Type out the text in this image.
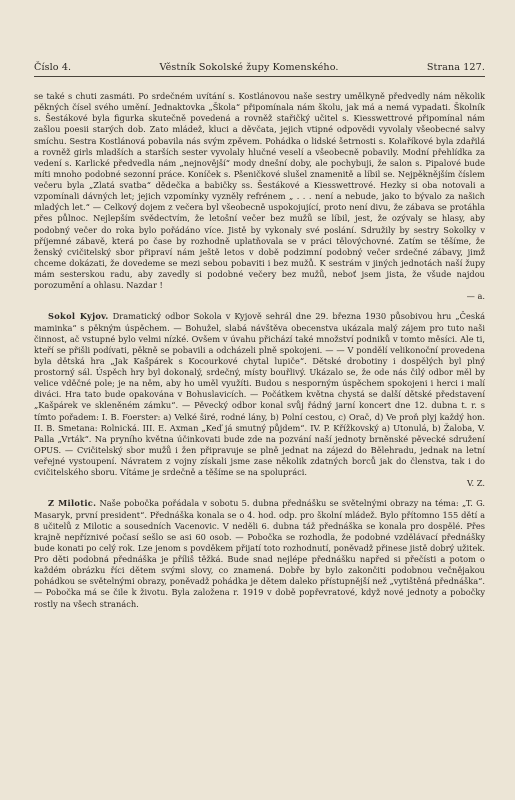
Číslo 4.	Věstník Sokolské župy Komenského.	Strana 127.

se také s chuti zasmáti. Po srdečném uvítání s. Kostlánovou naše sestry umělkyně předvedly nám několik pěkných čísel svého umění. Jednaktovka „Škola“ připomínala nám školu, jak má a nemá vypadati. Školník s. Šestákové byla figurka skutečně povedená a rovněž stařičký učitel s. Kiesswettrové připomínal nám zašlou poesii starých dob. Zato mládež, kluci a děvčata, jejich vtipné odpovědi vyvolaly všeobecné salvy smíchu. Sestra Kostlánová pobavila nás svým zpěvem. Pohádka o lidské šetrnosti s. Kolaříkové byla zdařilá a rovněž girls mladších a starších sester vyvolaly hlučné veselí a všeobecně pobavily. Modní přehlídka za vedení s. Karlické předvedla nám „nejnovější“ mody dnešní doby, ale pochybuji, že salon s. Pipalové bude míti mnoho podobné sezonní práce. Koníček s. Pšeničkové slušel znamenitě a líbil se. Nejpěknějším číslem večeru byla „Zlatá svatba“ dědečka a babičky ss. Šestákové a Kiesswettrové. Hezky si oba notovali a vzpomínali dávných let; jejich vzpomínky vyzněly refrénem „ . . . není a nebude, jako to bývalo za našich mladých let.“ — Celkový dojem z večera byl všeobecně uspokojující, proto není divu, že zábava se protáhla přes půlnoc. Nejlepším svědectvím, že letošní večer bez mužů se líbil, jest, že ozývaly se hlasy, aby podobný večer do roka bylo pořádáno více. Jistě by vykonaly své poslání. Sdružily by sestry Sokolky v příjemné zábavě, která po čase by rozhodně uplatňovala se v práci tělovýchovné. Zatím se těšíme, že ženský cvičitelský sbor připraví nám ještě letos v době podzimní podobný večer srdečné zábavy, jimž chceme dokázati, že dovedeme se mezi sebou pobaviti i bez mužů. K sestrám v jiných jednotách naší župy mám sesterskou radu, aby zavedly si podobné večery bez mužů, neboť jsem jista, že všude najdou porozumění a ohlasu. Nazdar !
— a.

Sokol Kyjov. Dramatický odbor Sokola v Kyjově sehrál dne 29. března 1930 působivou hru „Česká maminka“ s pěkným úspěchem. — Bohužel, slabá návštěva obecenstva ukázala malý zájem pro tuto naši činnost, ač vstupné bylo velmi nízké. Ovšem v úvahu přichází také množství podniků v tomto měsíci. Ale ti, kteří se přišli podívati, pěkně se pobavili a odcházeli plně spokojeni. — — V pondělí velikonoční provedena byla dětská hra „Jak Kašpárek s Kocourkové chytal lupiče“. Dětské drobotiny i dospělých byl plný prostorný sál. Úspěch hry byl dokonalý, srdečný, místy bouřlivý. Ukázalo se, že ode nás čilý odbor měl by velice vděčné pole; je na něm, aby ho uměl využíti. Budou s nesporným úspěchem spokojeni i herci i malí diváci. Hra tato bude opakována v Bohuslavicích. — Počátkem května chystá se další dětské představení „Kašpárek ve skleněném zámku“. — Pěvecký odbor konal svůj řádný jarní koncert dne 12. dubna t. r. s tímto pořadem: I. B. Foerster: a) Velké širé, rodné lány, b) Polní cestou, c) Orač, d) Ve proň plyj každý hon. II. B. Smetana: Rolnická. III. E. Axman „Keď já smutný půjdem“. IV. P. Křížkovský a) Utonulá, b) Žaloba, V. Palla „Vrták“. Na pryního května účinkovati bude zde na pozvání naší jednoty brněnské pěvecké sdružení OPUS. — Cvičitelský sbor mužů i žen připravuje se plně jednat na zájezd do Bělehradu, jednak na letní veřejné vystoupení. Návratem z vojny získali jsme zase několik zdatných borců jak do členstva, tak i do cvičitelského sboru. Vítáme je srdečně a těšíme se na spolupráci.
V. Z.

Z Milotic. Naše pobočka pořádala v sobotu 5. dubna přednášku se světelnými obrazy na téma: „T. G. Masaryk, první president“. Přednáška konala se o 4. hod. odp. pro školní mládež. Bylo přítomno 155 dětí a 8 učitelů z Milotic a sousedních Vacenovic. V neděli 6. dubna táž přednáška se konala pro dospělé. Přes krajně nepříznivé počasí sešlo se asi 60 osob. — Pobočka se rozhodla, že podobné vzdělávací přednášky bude konati po celý rok. Lze jenom s povděkem přijatí toto rozhodnutí, poněvadž přinese jistě dobrý užitek. Pro děti podobná přednáška je příliš těžká. Bude snad nejlépe přednášku napřed si přečísti a potom o každém obrázku říci dětem svými slovy, co znamená. Dobře by bylo zakončiti podobnou večnějakou pohádkou se světelnými obrazy, poněvadž pohádka je dětem daleko přístupnější než „vytištěná přednáška“. — Pobočka má se čile k životu. Byla založena r. 1919 v době popřevratové, když nové jednoty a pobočky rostly na všech stranách.
